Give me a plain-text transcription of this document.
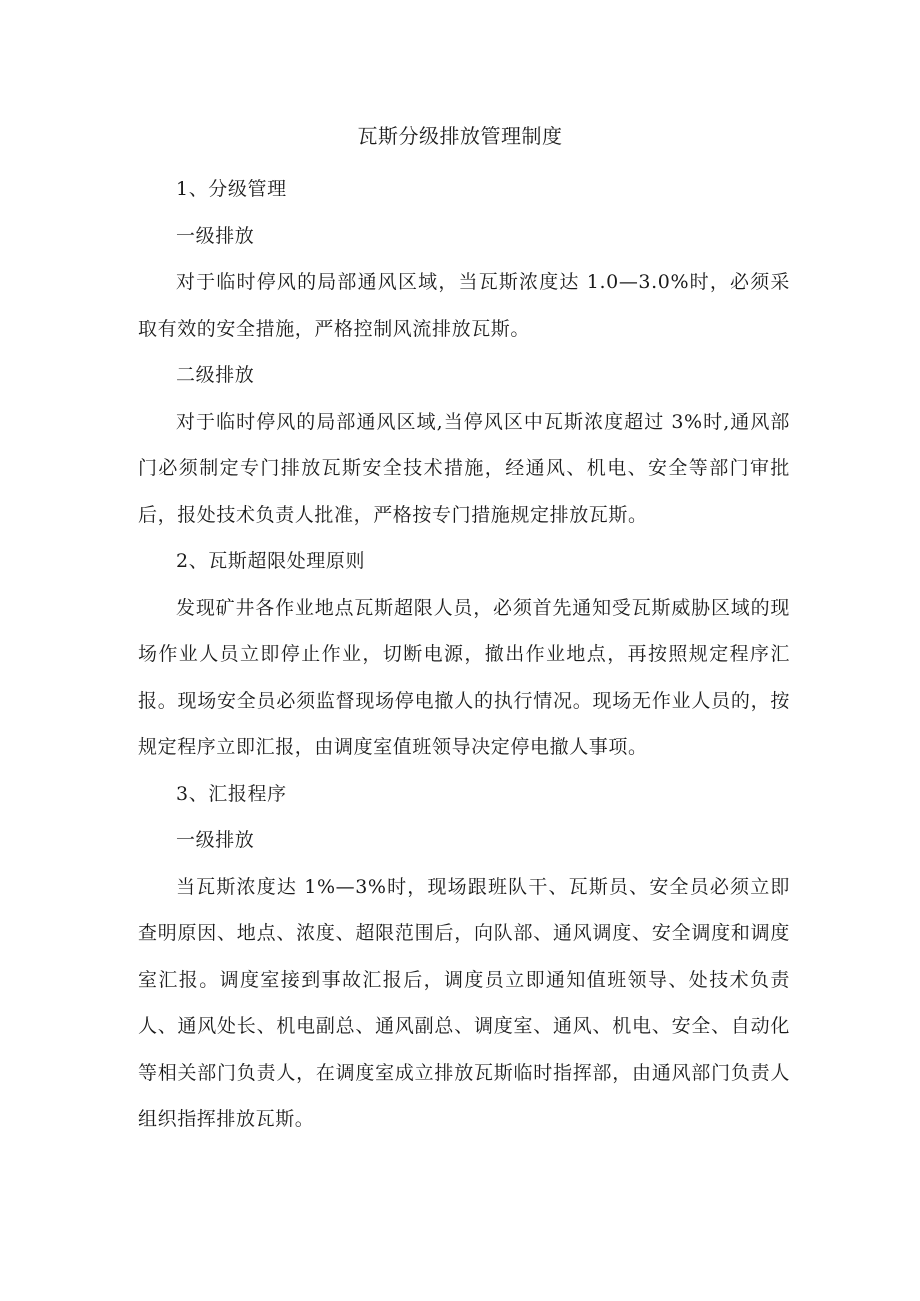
瓦斯分级排放管理制度

1、分级管理

一级排放

对于临时停风的局部通风区域，当瓦斯浓度达 1.0—3.0%时，必须采取有效的安全措施，严格控制风流排放瓦斯。

二级排放

对于临时停风的局部通风区域,当停风区中瓦斯浓度超过 3%时,通风部门必须制定专门排放瓦斯安全技术措施，经通风、机电、安全等部门审批后，报处技术负责人批准，严格按专门措施规定排放瓦斯。

2、瓦斯超限处理原则

发现矿井各作业地点瓦斯超限人员，必须首先通知受瓦斯威胁区域的现场作业人员立即停止作业，切断电源，撤出作业地点，再按照规定程序汇报。现场安全员必须监督现场停电撤人的执行情况。现场无作业人员的，按规定程序立即汇报，由调度室值班领导决定停电撤人事项。

3、汇报程序

一级排放

当瓦斯浓度达 1%—3%时，现场跟班队干、瓦斯员、安全员必须立即查明原因、地点、浓度、超限范围后，向队部、通风调度、安全调度和调度室汇报。调度室接到事故汇报后，调度员立即通知值班领导、处技术负责人、通风处长、机电副总、通风副总、调度室、通风、机电、安全、自动化等相关部门负责人，在调度室成立排放瓦斯临时指挥部，由通风部门负责人组织指挥排放瓦斯。
